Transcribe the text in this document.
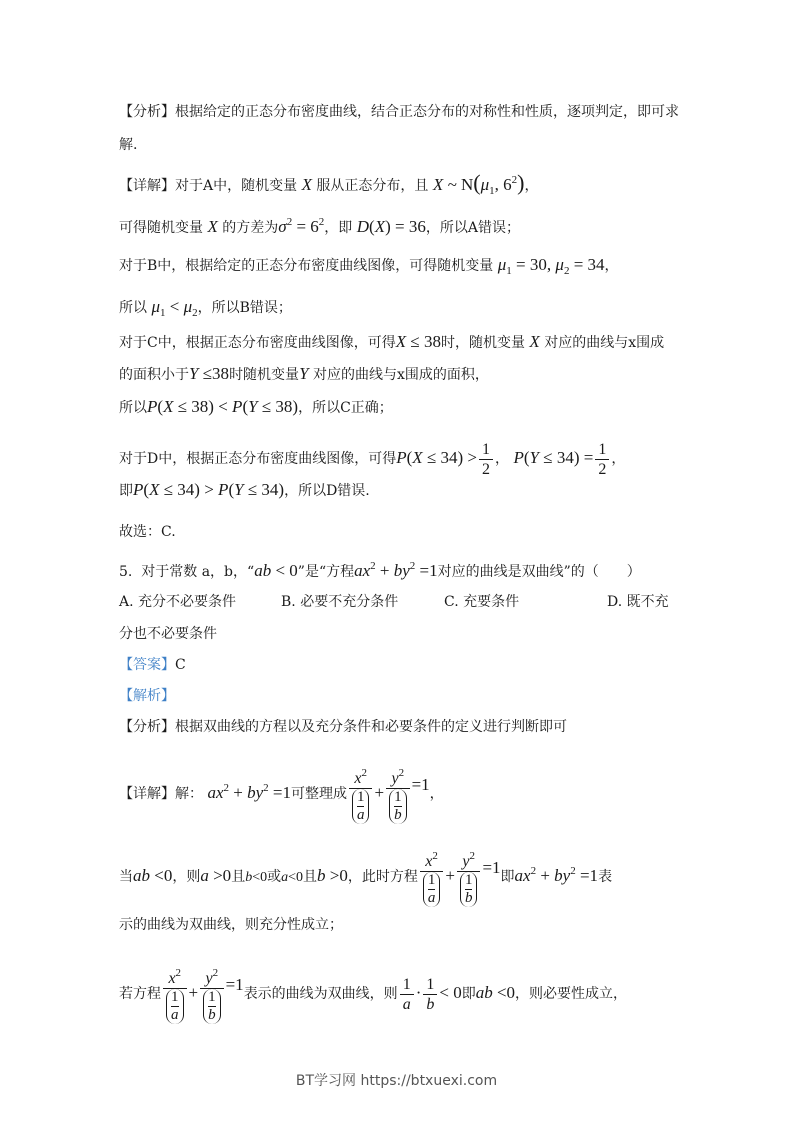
【分析】根据给定的正态分布密度曲线，结合正态分布的对称性和性质，逐项判定，即可求
解.
【详解】对于A中，随机变量 X 服从正态分布，且 X ~ $N(\mu_1$, $6^2$)，
可得随机变量 X 的方差为$\sigma^2 = 6^2$，即 D(X) = 36，所以A错误；
对于B中，根据给定的正态分布密度曲线图像，可得随机变量 $\mu_1 = 30$, $\mu_2 = 34$，
所以 $\mu_1 < \mu_2$，所以B错误；
对于C中，根据正态分布密度曲线图像，可得X ≤ 38时，随机变量 X 对应的曲线与x围成
的面积小于Y ≤38时随机变量Y 对应的曲线与x围成的面积，
所以P(X ≤ 38) < P(Y ≤ 38)，所以C正确；
对于D中，根据正态分布密度曲线图像，可得$P(X \le 34) > \frac{1}{2}$ ， $P(Y \le 34) = \frac{1}{2}$ ，
即P(X ≤ 34) > P(Y ≤ 34)，所以D错误.
故选：C.
5. 对于常数 a，b，“ab < 0”是“方程$ax^2 + by^2 =1$对应的曲线是双曲线”的（　　）
A. 充分不必要条件	B. 必要不充分条件	C. 充要条件	D. 既不充
分也不必要条件
【答案】C
【解析】
【分析】根据双曲线的方程以及充分条件和必要条件的定义进行判断即可
【详解】解： $ax^2 + by^2 =1$可整理成 $\frac{x^2}{\frac{1}{a}} + \frac{y^2}{\frac{1}{b}} =1$，
当ab <0，则a >0且b<0或a<0且b >0，此时方程 $\frac{x^2}{\frac{1}{a}} + \frac{y^2}{\frac{1}{b}} =1$即$ax^2 + by^2 =1$表
示的曲线为双曲线，则充分性成立；
若方程 $\frac{x^2}{\frac{1}{a}} + \frac{y^2}{\frac{1}{b}} =1$表示的曲线为双曲线，则 $\frac{1}{a} \cdot \frac{1}{b} < 0$即ab <0，则必要性成立，
BT学习网 https://btxuexi.com
